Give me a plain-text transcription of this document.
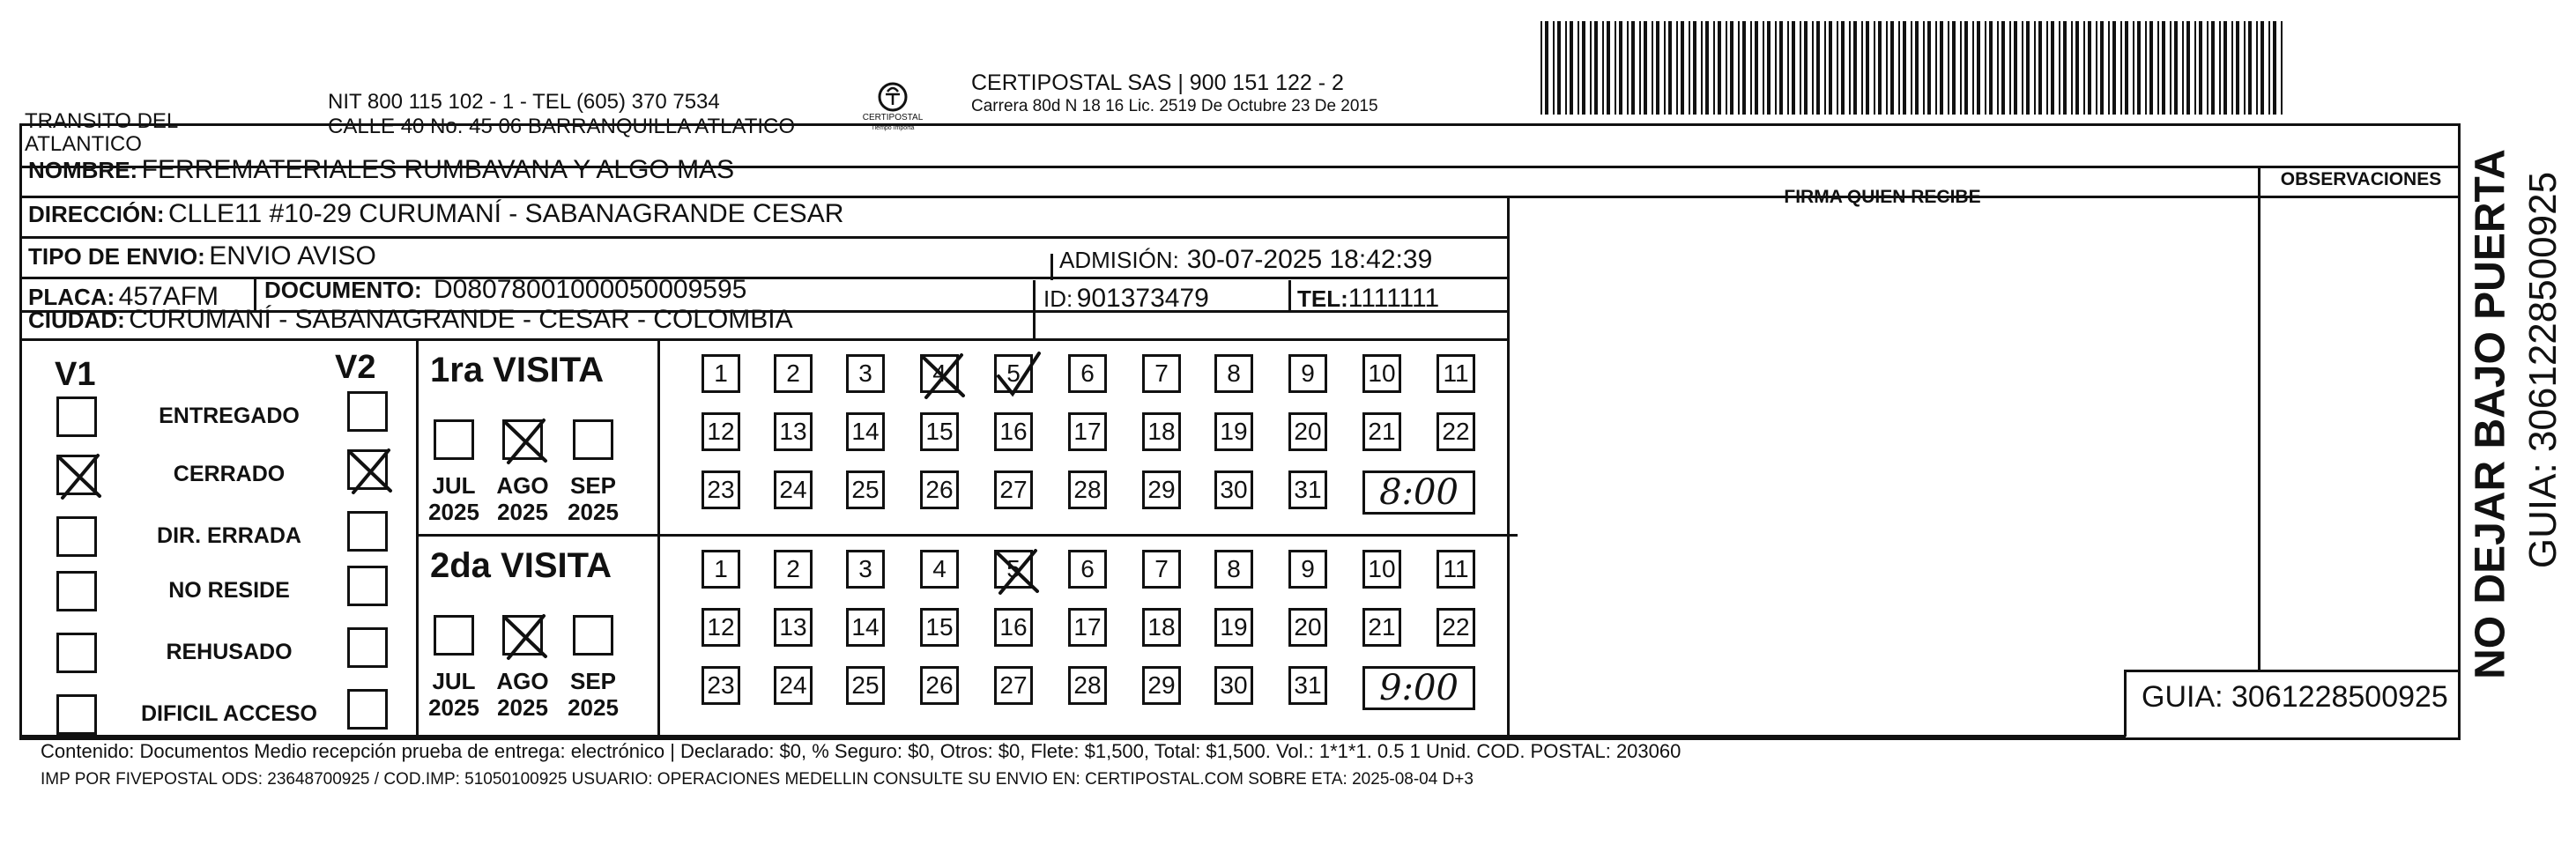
TRANSITO DEL
ATLANTICO
NIT 800 115 102 - 1 - TEL (605) 370 7534
CALLE 40 No. 45 06 BARRANQUILLA ATLATICO	CERTIPOSTAL
Tiempo Importa
CERTIPOSTAL SAS | 900 151 122 - 2
Carrera 80d N 18 16 Lic. 2519 De Octubre 23 De 2015
FIRMA QUIEN RECIBE
OBSERVACIONES
NOMBRE: FERREMATERIALES RUMBAVANA Y ALGO MAS
DIRECCIÓN: CLLE11 #10-29 CURUMANÍ - SABANAGRANDE CESAR
TIPO DE ENVIO: ENVIO AVISO	ADMISIÓN: 30-07-2025 18:42:39
PLACA: 457AFM DOCUMENTO: D08078001000050009595	ID: 901373479	TEL:1111111
CIUDAD: CURUMANÍ - SABANAGRANDE - CESAR - COLOMBIA
V1	V2
ENTREGADO
CERRADO
DIR. ERRADA
NO RESIDE
REHUSADO
DIFICIL ACCESO
1ra VISITA
JUL
2025
AGO
2025
SEP
2025
1 2 3 4 5 6 7 8 9 10 11
12 13 14 15 16 17 18 19 20 21 22
23 24 25 26 27 28 29 30 31 8:00
2da VISITA
JUL
2025
AGO
2025
SEP
2025
1 2 3 4 5 6 7 8 9 10 11
12 13 14 15 16 17 18 19 20 21 22
23 24 25 26 27 28 29 30 31 9:00	GUIA: 3061228500925
Contenido: Documentos Medio recepción prueba de entrega: electrónico | Declarado: $0, % Seguro: $0, Otros: $0, Flete: $1,500, Total: $1,500. Vol.: 1*1*1. 0.5 1 Unid. COD. POSTAL: 203060
IMP POR FIVEPOSTAL ODS: 23648700925 / COD.IMP: 51050100925 USUARIO: OPERACIONES MEDELLIN CONSULTE SU ENVIO EN: CERTIPOSTAL.COM SOBRE ETA: 2025-08-04 D+3
NO DEJAR BAJO PUERTA GUIA: 3061228500925
